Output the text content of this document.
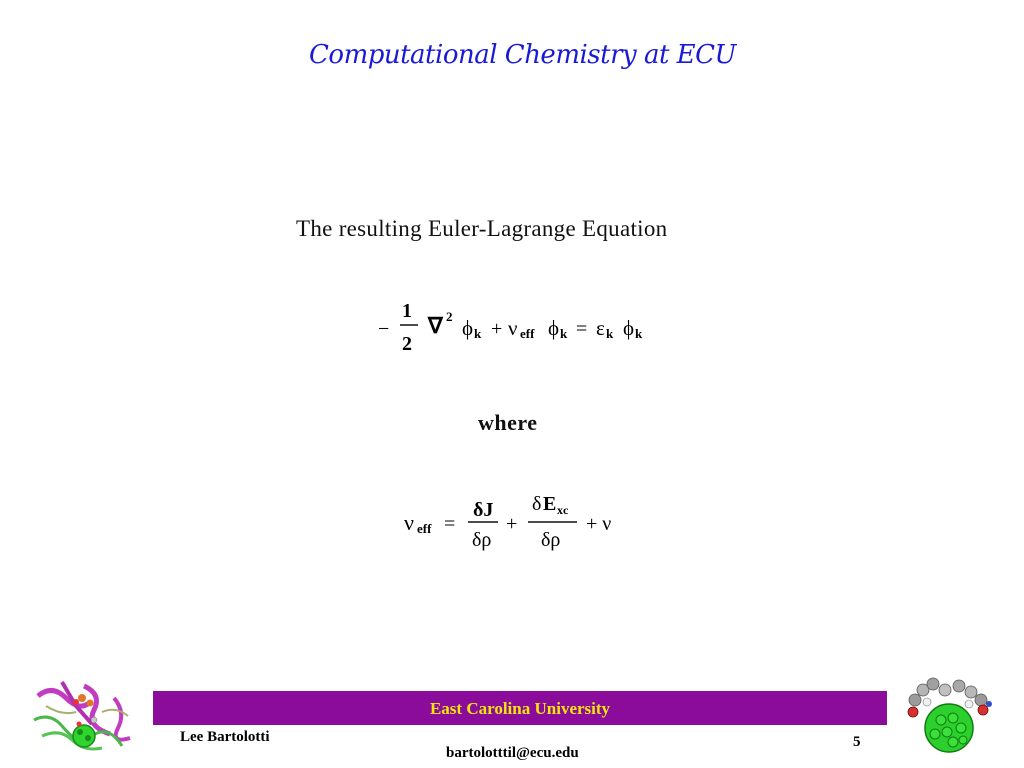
Computational Chemistry at ECU
The resulting Euler-Lagrange Equation
−
1
2
∇ 2 ϕ k + ν eff ϕ k = ε k ϕ k
where
ν eff =
δJ
δρ
+
δ E xc
δρ
+ ν
East Carolina University
Lee Bartolotti
bartolotttil@ecu.edu
5
